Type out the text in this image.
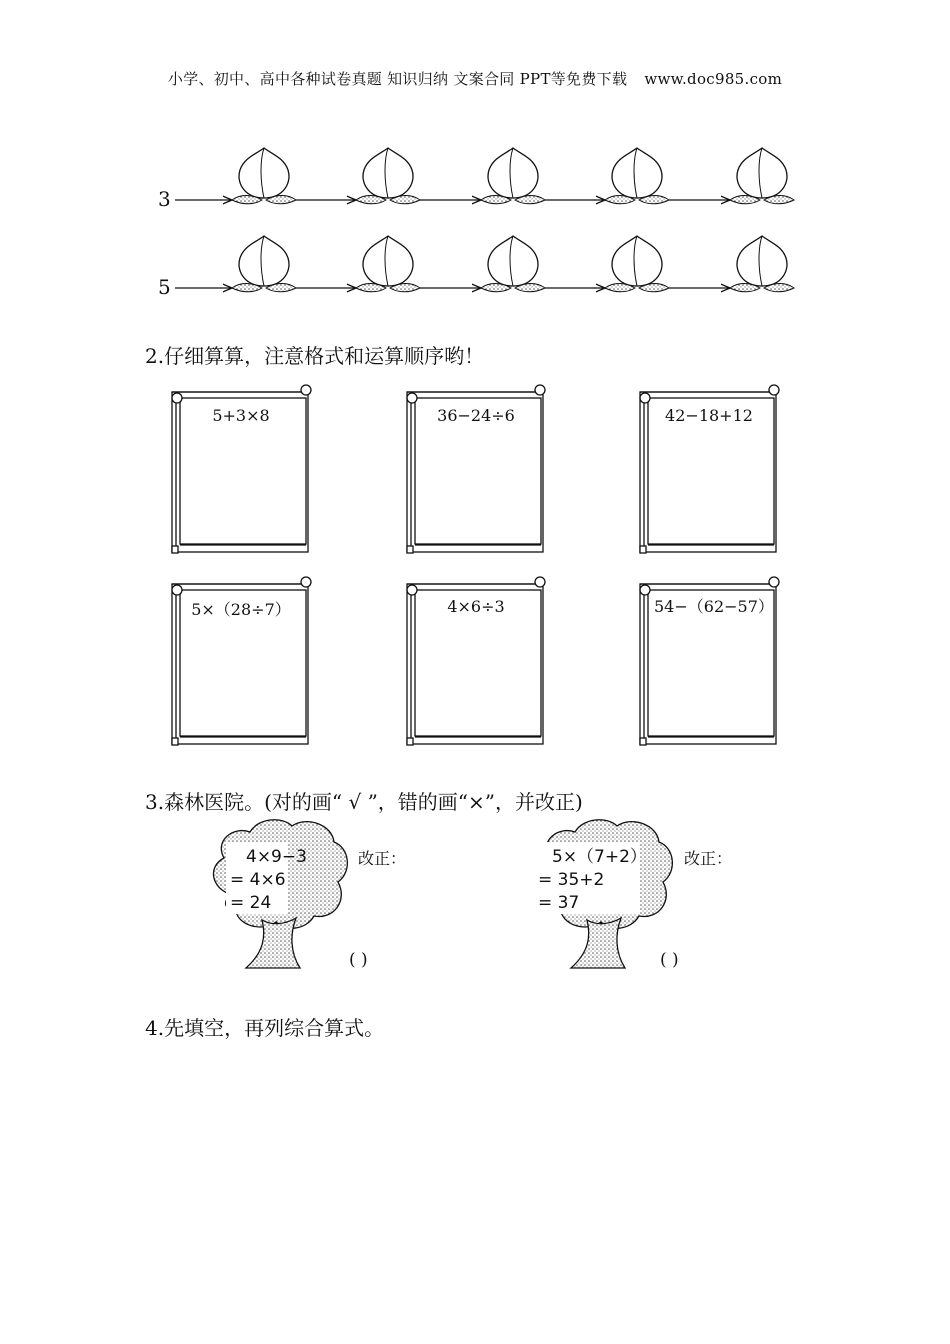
小学、初中、高中各种试卷真题 知识归纳 文案合同 PPT等免费下载 www.doc985.com
3
5
2.仔细算算，注意格式和运算顺序哟！
5+3×8	36−24÷6	42−18+12
5×（28÷7）	4×6÷3	54−（62−57）
3.森林医院。(对的画“ √ ”，错的画“×”，并改正)
4×9−3
= 4×6
= 24
改正：
( )
5×（7+2）
= 35+2
= 37
改正：
( )
4.先填空，再列综合算式。
